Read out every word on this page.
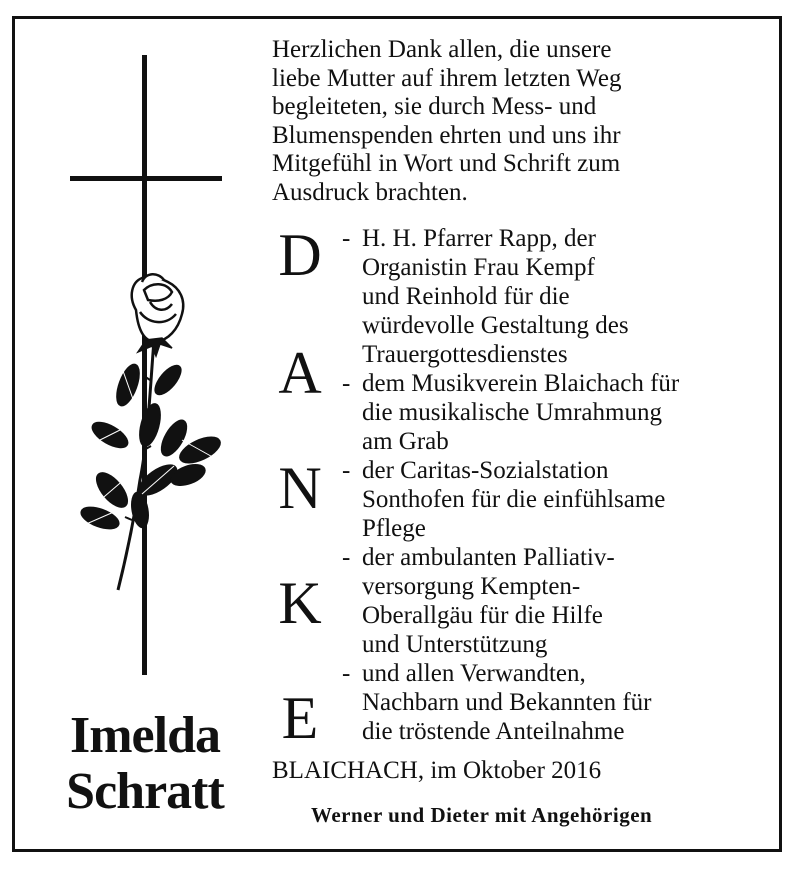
Imelda
Schratt
Herzlichen Dank allen, die unsere
liebe Mutter auf ihrem letzten Weg
begleiteten, sie durch Mess- und
Blumenspenden ehrten und uns ihr
Mitgefühl in Wort und Schrift zum
Ausdruck brachten.
D
A
N
K
E
- H. H. Pfarrer Rapp, der
Organistin Frau Kempf
und Reinhold für die
würdevolle Gestaltung des
Trauergottesdienstes
- dem Musikverein Blaichach für
die musikalische Umrahmung
am Grab
- der Caritas-Sozialstation
Sonthofen für die einfühlsame
Pflege
- der ambulanten Palliativ-
versorgung Kempten-
Oberallgäu für die Hilfe
und Unterstützung
- und allen Verwandten,
Nachbarn und Bekannten für
die tröstende Anteilnahme
BLAICHACH, im Oktober 2016
Werner und Dieter mit Angehörigen
